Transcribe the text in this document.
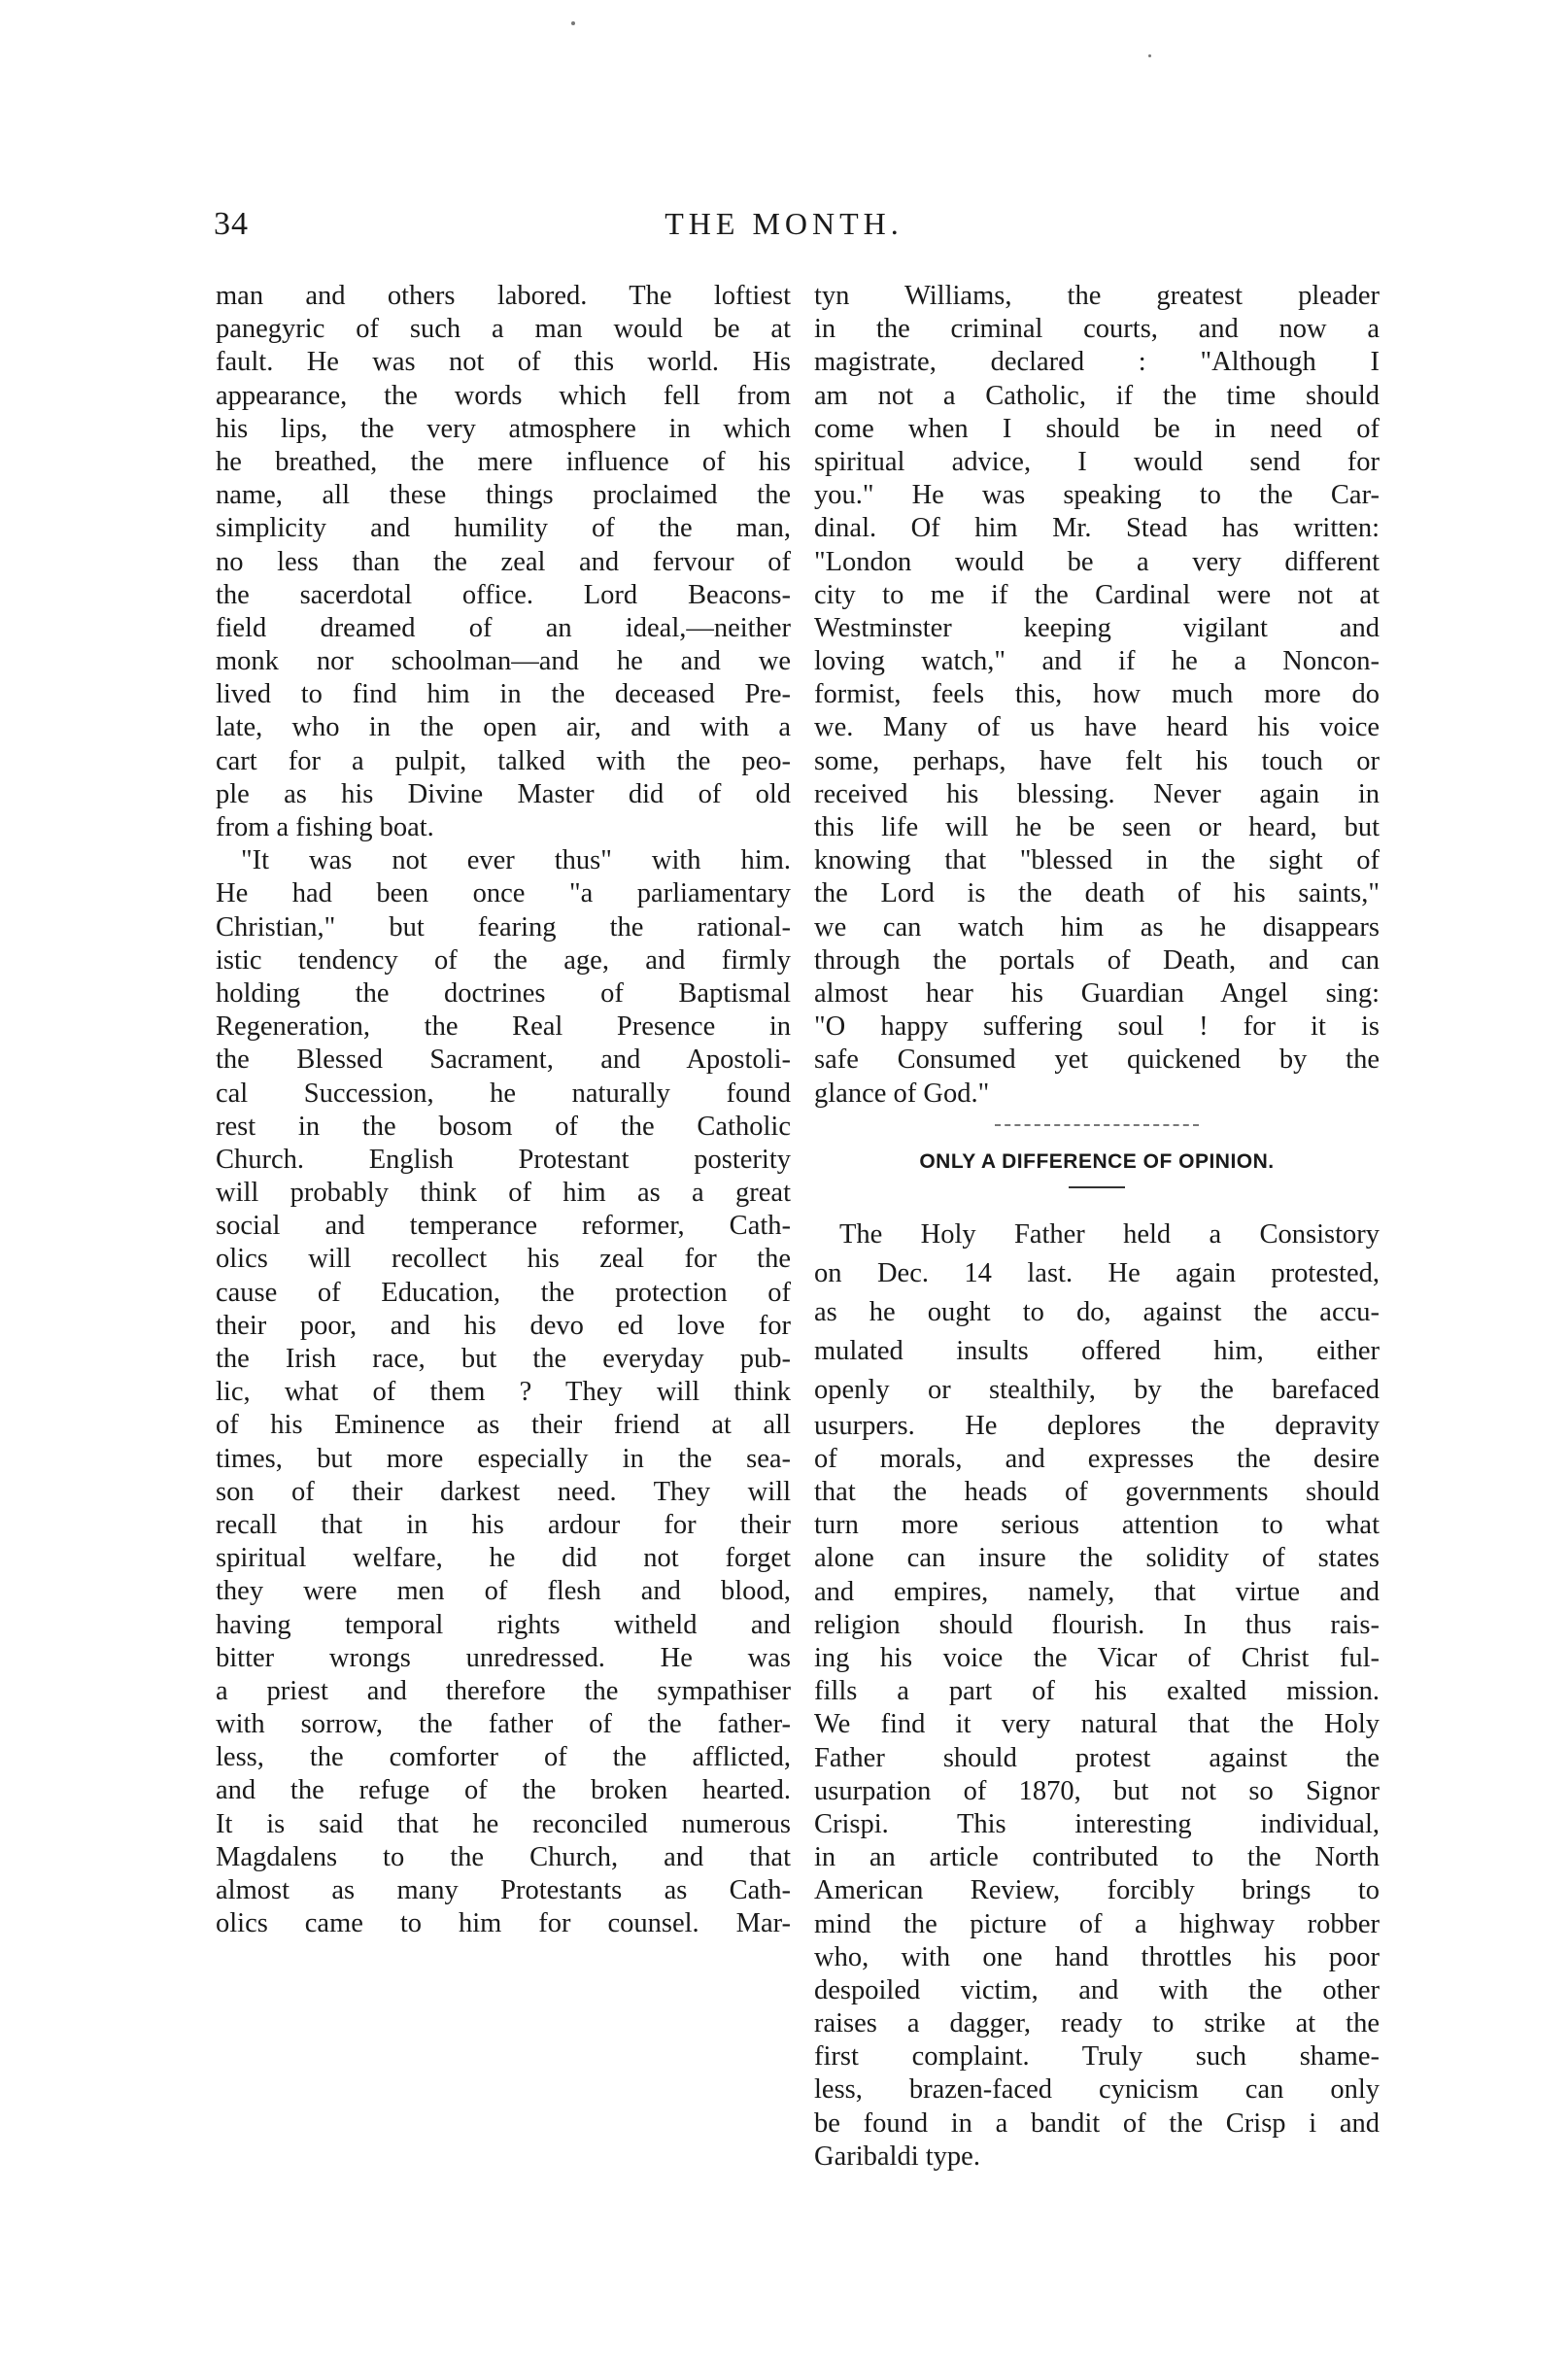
34	THE MONTH.
man and others labored. The loftiest
panegyric of such a man would be at
fault. He was not of this world. His
appearance, the words which fell from
his lips, the very atmosphere in which
he breathed, the mere influence of his
name, all these things proclaimed the
simplicity and humility of the man,
no less than the zeal and fervour of
the sacerdotal office. Lord Beacons-
field dreamed of an ideal,—neither
monk nor schoolman—and he and we
lived to find him in the deceased Pre-
late, who in the open air, and with a
cart for a pulpit, talked with the peo-
ple as his Divine Master did of old
from a fishing boat.
"It was not ever thus" with him.
He had been once "a parliamentary
Christian," but fearing the rational-
istic tendency of the age, and firmly
holding the doctrines of Baptismal
Regeneration, the Real Presence in
the Blessed Sacrament, and Apostoli-
cal Succession, he naturally found
rest in the bosom of the Catholic
Church. English Protestant posterity
will probably think of him as a great
social and temperance reformer, Cath-
olics will recollect his zeal for the
cause of Education, the protection of
their poor, and his devo ed love for
the Irish race, but the everyday pub-
lic, what of them ? They will think
of his Eminence as their friend at all
times, but more especially in the sea-
son of their darkest need. They will
recall that in his ardour for their
spiritual welfare, he did not forget
they were men of flesh and blood,
having temporal rights witheld and
bitter wrongs unredressed. He was
a priest and therefore the sympathiser
with sorrow, the father of the father-
less, the comforter of the afflicted,
and the refuge of the broken hearted.
It is said that he reconciled numerous
Magdalens to the Church, and that
almost as many Protestants as Cath-
olics came to him for counsel. Mar-
tyn Williams, the greatest pleader
in the criminal courts, and now a
magistrate, declared : "Although I
am not a Catholic, if the time should
come when I should be in need of
spiritual advice, I would send for
you." He was speaking to the Car-
dinal. Of him Mr. Stead has written:
"London would be a very different
city to me if the Cardinal were not at
Westminster keeping vigilant and
loving watch," and if he a Noncon-
formist, feels this, how much more do
we. Many of us have heard his voice
some, perhaps, have felt his touch or
received his blessing. Never again in
this life will he be seen or heard, but
knowing that "blessed in the sight of
the Lord is the death of his saints,"
we can watch him as he disappears
through the portals of Death, and can
almost hear his Guardian Angel sing:
"O happy suffering soul ! for it is
safe Consumed yet quickened by the
glance of God."
ONLY A DIFFERENCE OF OPINION.
The Holy Father held a Consistory
on Dec. 14 last. He again protested,
as he ought to do, against the accu-
mulated insults offered him, either
openly or stealthily, by the barefaced
usurpers. He deplores the depravity
of morals, and expresses the desire
that the heads of governments should
turn more serious attention to what
alone can insure the solidity of states
and empires, namely, that virtue and
religion should flourish. In thus rais-
ing his voice the Vicar of Christ ful-
fills a part of his exalted mission.
We find it very natural that the Holy
Father should protest against the
usurpation of 1870, but not so Signor
Crispi. This interesting individual,
in an article contributed to the North
American Review, forcibly brings to
mind the picture of a highway robber
who, with one hand throttles his poor
despoiled victim, and with the other
raises a dagger, ready to strike at the
first complaint. Truly such shame-
less, brazen-faced cynicism can only
be found in a bandit of the Crisp i and
Garibaldi type.
